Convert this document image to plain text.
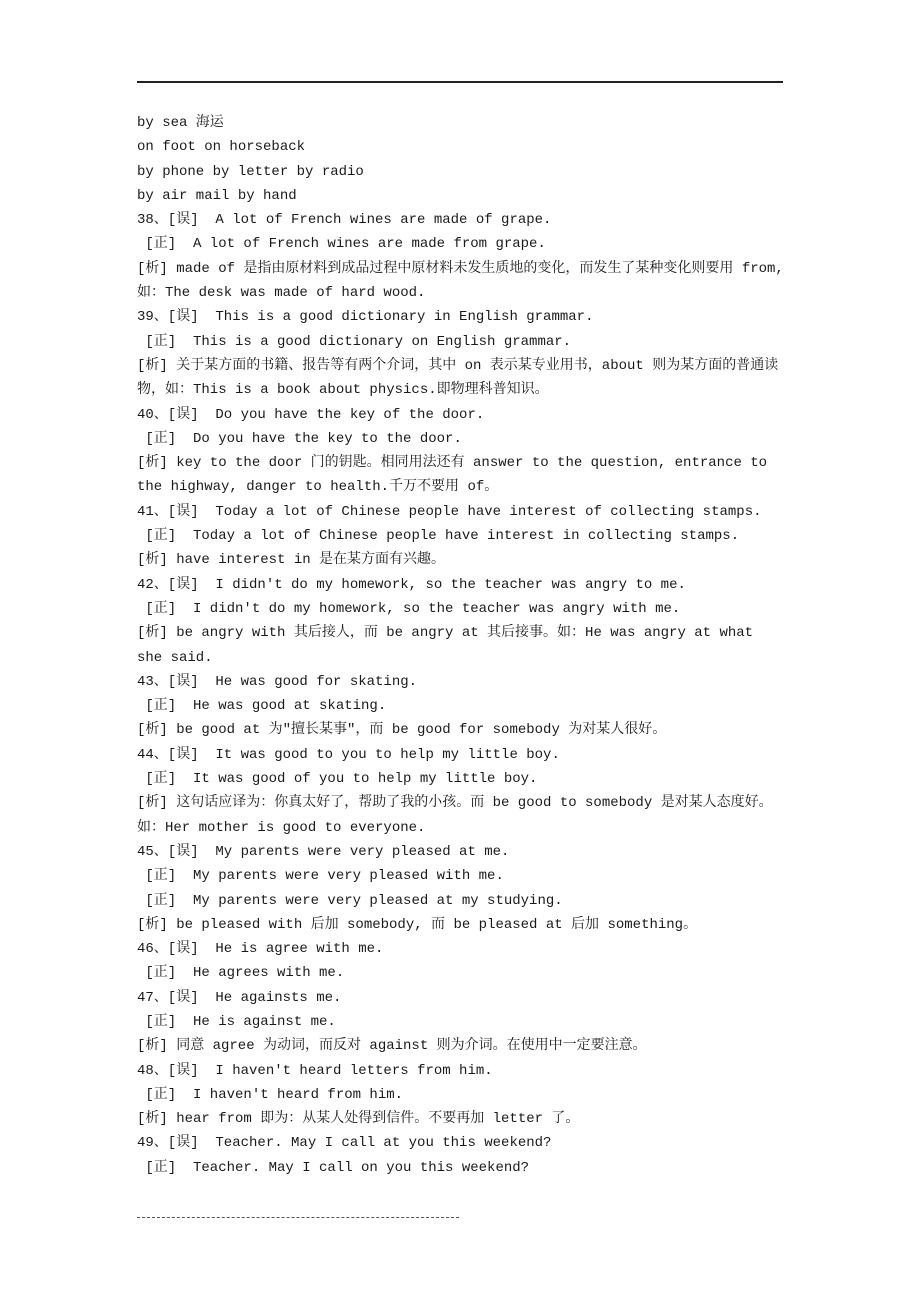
by sea 海运
on foot on horseback
by phone by letter by radio
by air mail by hand
38、[误]  A lot of French wines are made of grape.
[正]  A lot of French wines are made from grape.
[析] made of 是指由原材料到成品过程中原材料未发生质地的变化，而发生了某种变化则要用 from,如：The desk was made of hard wood.
39、[误]  This is a good dictionary in English grammar.
[正]  This is a good dictionary on English grammar.
[析] 关于某方面的书籍、报告等有两个介词，其中 on 表示某专业用书，about 则为某方面的普通读物，如：This is a book about physics.即物理科普知识。
40、[误]  Do you have the key of the door.
[正]  Do you have the key to the door.
[析] key to the door 门的钥匙。相同用法还有 answer to the question, entrance to the highway, danger to health.千万不要用 of。
41、[误]  Today a lot of Chinese people have interest of collecting stamps.
[正]  Today a lot of Chinese people have interest in collecting stamps.
[析] have interest in 是在某方面有兴趣。
42、[误]  I didn't do my homework, so the teacher was angry to me.
[正]  I didn't do my homework, so the teacher was angry with me.
[析] be angry with 其后接人，而 be angry at 其后接事。如：He was angry at what she said.
43、[误]  He was good for skating.
[正]  He was good at skating.
[析] be good at 为"擅长某事"，而 be good for somebody 为对某人很好。
44、[误]  It was good to you to help my little boy.
[正]  It was good of you to help my little boy.
[析] 这句话应译为：你真太好了，帮助了我的小孩。而 be good to somebody 是对某人态度好。如：Her mother is good to everyone.
45、[误]  My parents were very pleased at me.
[正]  My parents were very pleased with me.
[正]  My parents were very pleased at my studying.
[析] be pleased with 后加 somebody, 而 be pleased at 后加 something。
46、[误]  He is agree with me.
[正]  He agrees with me.
47、[误]  He againsts me.
[正]  He is against me.
[析] 同意 agree 为动词，而反对 against 则为介词。在使用中一定要注意。
48、[误]  I haven't heard letters from him.
[正]  I haven't heard from him.
[析] hear from 即为：从某人处得到信件。不要再加 letter 了。
49、[误]  Teacher. May I call at you this weekend?
[正]  Teacher. May I call on you this weekend?
